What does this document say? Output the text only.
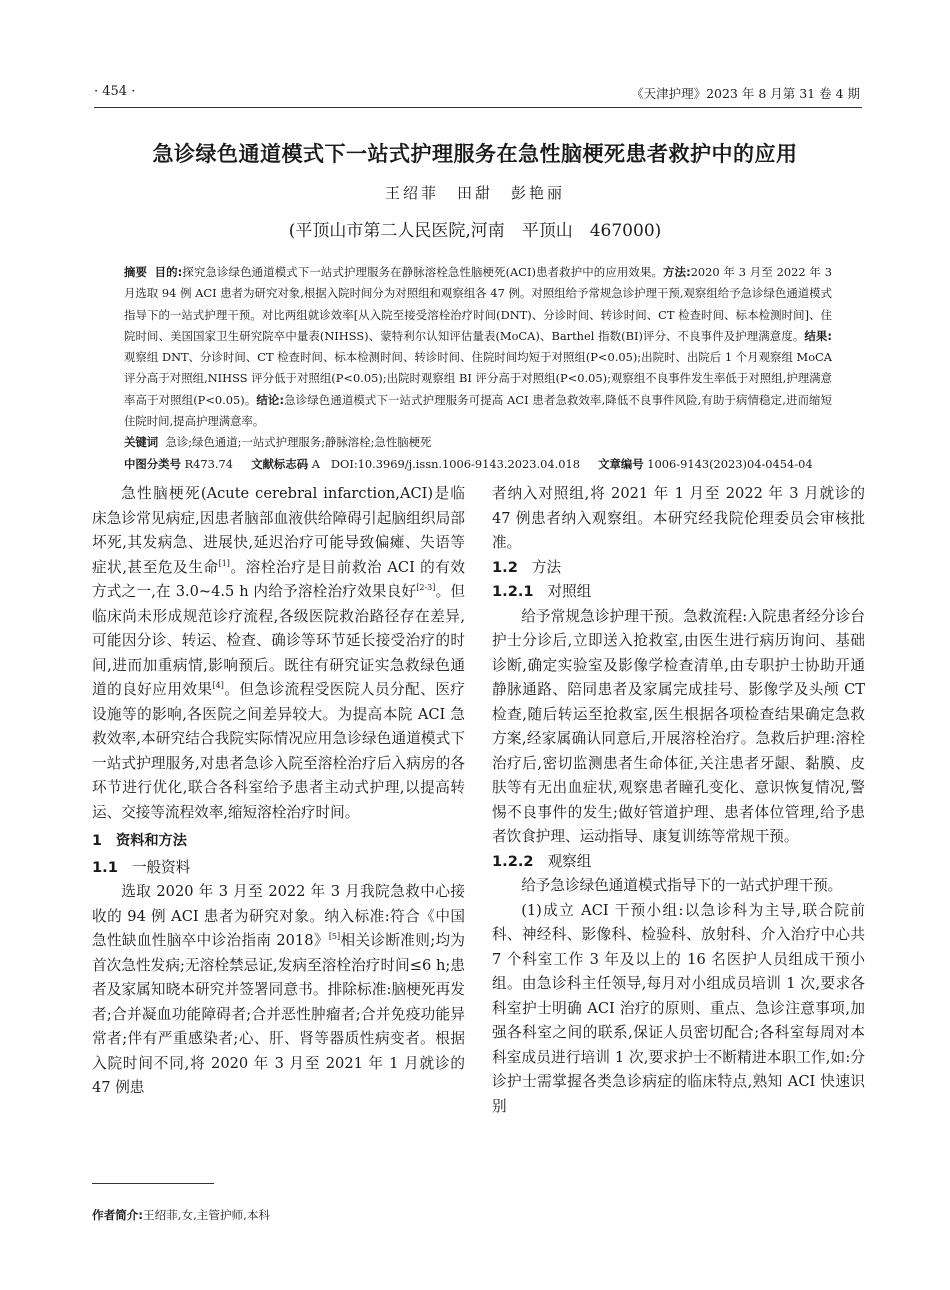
· 454 ·	《天津护理》2023 年 8 月第 31 卷 4 期
急诊绿色通道模式下一站式护理服务在急性脑梗死患者救护中的应用
王绍菲　田甜　彭艳丽
(平顶山市第二人民医院,河南　平顶山　467000)

摘要 目的:探究急诊绿色通道模式下一站式护理服务在静脉溶栓急性脑梗死(ACI)患者救护中的应用效果。方法:2020 年 3 月至 2022 年 3 月选取 94 例 ACI 患者为研究对象,根据入院时间分为对照组和观察组各 47 例。对照组给予常规急诊护理干预,观察组给予急诊绿色通道模式指导下的一站式护理干预。对比两组就诊效率[从入院至接受溶栓治疗时间(DNT)、分诊时间、转诊时间、CT 检查时间、标本检测时间]、住院时间、美国国家卫生研究院卒中量表(NIHSS)、蒙特利尔认知评估量表(MoCA)、Barthel 指数(BI)评分、不良事件及护理满意度。结果:观察组 DNT、分诊时间、CT 检查时间、标本检测时间、转诊时间、住院时间均短于对照组(P<0.05);出院时、出院后 1 个月观察组 MoCA 评分高于对照组,NIHSS 评分低于对照组(P<0.05);出院时观察组 BI 评分高于对照组(P<0.05);观察组不良事件发生率低于对照组,护理满意率高于对照组(P<0.05)。结论:急诊绿色通道模式下一站式护理服务可提高 ACI 患者急救效率,降低不良事件风险,有助于病情稳定,进而缩短住院时间,提高护理满意率。

关键词 急诊;绿色通道;一站式护理服务;静脉溶栓;急性脑梗死

中图分类号 R473.74 文献标志码 A DOI:10.3969/j.issn.1006-9143.2023.04.018 文章编号 1006-9143(2023)04-0454-04

急性脑梗死(Acute cerebral infarction,ACI)是临床急诊常见病症,因患者脑部血液供给障碍引起脑组织局部坏死,其发病急、进展快,延迟治疗可能导致偏瘫、失语等症状,甚至危及生命[1]。溶栓治疗是目前救治 ACI 的有效方式之一,在 3.0~4.5 h 内给予溶栓治疗效果良好[2-3]。但临床尚未形成规范诊疗流程,各级医院救治路径存在差异,可能因分诊、转运、检查、确诊等环节延长接受治疗的时间,进而加重病情,影响预后。既往有研究证实急救绿色通道的良好应用效果[4]。但急诊流程受医院人员分配、医疗设施等的影响,各医院之间差异较大。为提高本院 ACI 急救效率,本研究结合我院实际情况应用急诊绿色通道模式下一站式护理服务,对患者急诊入院至溶栓治疗后入病房的各环节进行优化,联合各科室给予患者主动式护理,以提高转运、交接等流程效率,缩短溶栓治疗时间。

1　资料和方法

1.1 一般资料

选取 2020 年 3 月至 2022 年 3 月我院急救中心接收的 94 例 ACI 患者为研究对象。纳入标准:符合《中国急性缺血性脑卒中诊治指南 2018》[5]相关诊断准则;均为首次急性发病;无溶栓禁忌证,发病至溶栓治疗时间≤6 h;患者及家属知晓本研究并签署同意书。排除标准:脑梗死再发者;合并凝血功能障碍者;合并恶性肿瘤者;合并免疫功能异常者;伴有严重感染者;心、肝、肾等器质性病变者。根据入院时间不同,将 2020 年 3 月至 2021 年 1 月就诊的 47 例患

者纳入对照组,将 2021 年 1 月至 2022 年 3 月就诊的 47 例患者纳入观察组。本研究经我院伦理委员会审核批准。

1.2 方法

1.2.1 对照组

给予常规急诊护理干预。急救流程:入院患者经分诊台护士分诊后,立即送入抢救室,由医生进行病历询问、基础诊断,确定实验室及影像学检查清单,由专职护士协助开通静脉通路、陪同患者及家属完成挂号、影像学及头颅 CT 检查,随后转运至抢救室,医生根据各项检查结果确定急救方案,经家属确认同意后,开展溶栓治疗。急救后护理:溶栓治疗后,密切监测患者生命体征,关注患者牙龈、黏膜、皮肤等有无出血症状,观察患者瞳孔变化、意识恢复情况,警惕不良事件的发生;做好管道护理、患者体位管理,给予患者饮食护理、运动指导、康复训练等常规干预。

1.2.2 观察组

给予急诊绿色通道模式指导下的一站式护理干预。

(1)成立 ACI 干预小组:以急诊科为主导,联合院前科、神经科、影像科、检验科、放射科、介入治疗中心共 7 个科室工作 3 年及以上的 16 名医护人员组成干预小组。由急诊科主任领导,每月对小组成员培训 1 次,要求各科室护士明确 ACI 治疗的原则、重点、急诊注意事项,加强各科室之间的联系,保证人员密切配合;各科室每周对本科室成员进行培训 1 次,要求护士不断精进本职工作,如:分诊护士需掌握各类急诊病症的临床特点,熟知 ACI 快速识别

作者简介:王绍菲,女,主管护师,本科
